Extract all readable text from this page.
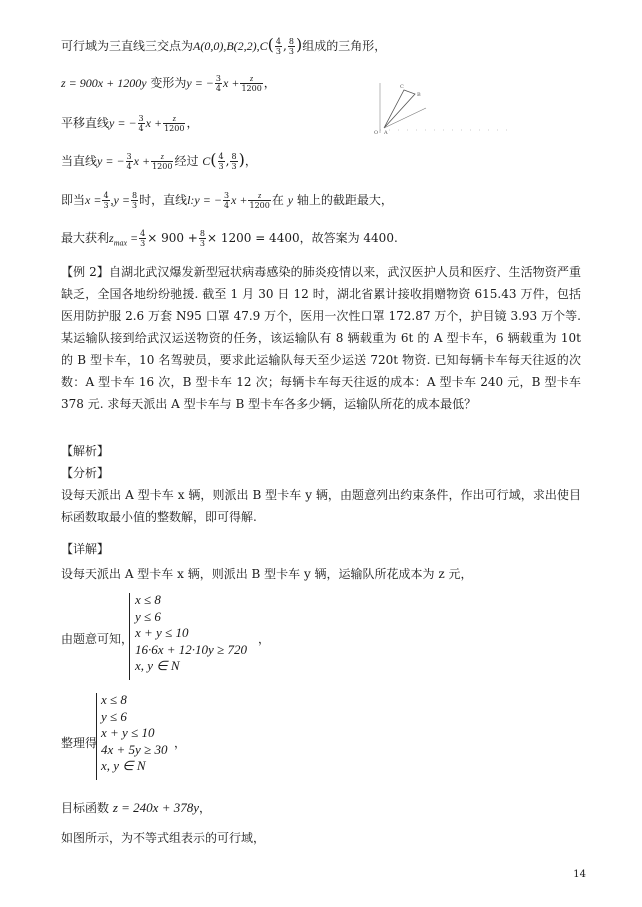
可行域为三直线三交点为$A(0,0),B(2,2),C( \frac{4}{3}$ , $\frac{8}{3}$ )组成的三角形，
z = 900x + 1200y 变形为y = − $\frac{3}{4}$ $x + \frac{z}{1200}$ ，
平移直线y = − $\frac{3}{4}$ $x + \frac{z}{1200}$ ，
当直线y = − $\frac{3}{4}$ $x + \frac{z}{1200}$ 经过 $C( \frac{4}{3}$ , $\frac{8}{3}$ )，
即当$x = \frac{4}{3} ,y = \frac{8}{3}$ 时，直线l:y = − $\frac{3}{4}$ $x + \frac{z}{1200}$ 在 y 轴上的截距最大，
最大获利$z_{max} = \frac{4}{3} \times 900 + \frac{8}{3} \times 1200 = 4400$，故答案为 4400.
O A
B
C
【例 2】自湖北武汉爆发新型冠状病毒感染的肺炎疫情以来，武汉医护人员和医疗、生活物资严重缺乏，全国各地纷纷驰援. 截至 1 月 30 日 12 时，湖北省累计接收捐赠物资 615.43 万件，包括医用防护服 2.6 万套 N95 口罩 47.9 万个，医用一次性口罩 172.87 万个，护目镜 3.93 万个等. 某运输队接到给武汉运送物资的任务，该运输队有 8 辆载重为 6t 的 A 型卡车，6 辆载重为 10t 的 B 型卡车，10 名驾驶员，要求此运输队每天至少运送 720t 物资. 已知每辆卡车每天往返的次数：A 型卡车 16 次，B 型卡车 12 次；每辆卡车每天往返的成本：A 型卡车 240 元，B 型卡车 378 元. 求每天派出 A 型卡车与 B 型卡车各多少辆，运输队所花的成本最低？
【解析】
【分析】
设每天派出 A 型卡车 x 辆，则派出 B 型卡车 y 辆，由题意列出约束条件，作出可行域，求出使目标函数取最小值的整数解，即可得解.
【详解】
设每天派出 A 型卡车 x 辆，则派出 B 型卡车 y 辆，运输队所花成本为 z 元，
由题意可知，
x ≤ 8
y ≤ 6
x + y ≤ 10
16·6x + 12·10y ≥ 720
x, y ∈ N
，
整理得
x ≤ 8
y ≤ 6
x + y ≤ 10
4x + 5y ≥ 30
x, y ∈ N
，
目标函数 z = 240x + 378y，
如图所示，为不等式组表示的可行域，
14
